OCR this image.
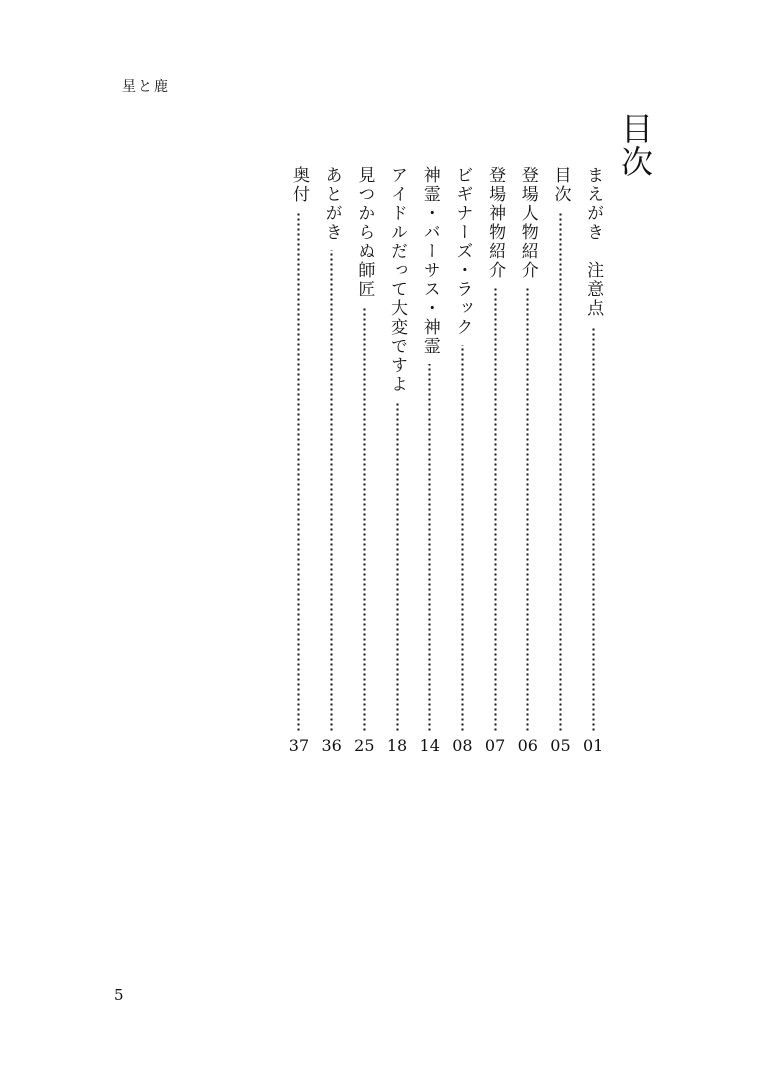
星と鹿
目次
まえがき　注意点
01
目次
05
登場人物紹介
06
登場神物紹介
07
ビギナーズ・ラック
08
神霊・バーサス・神霊
14
アイドルだって大変ですよ
18
見つからぬ師匠
25
あとがき
36
奥付
37
5
